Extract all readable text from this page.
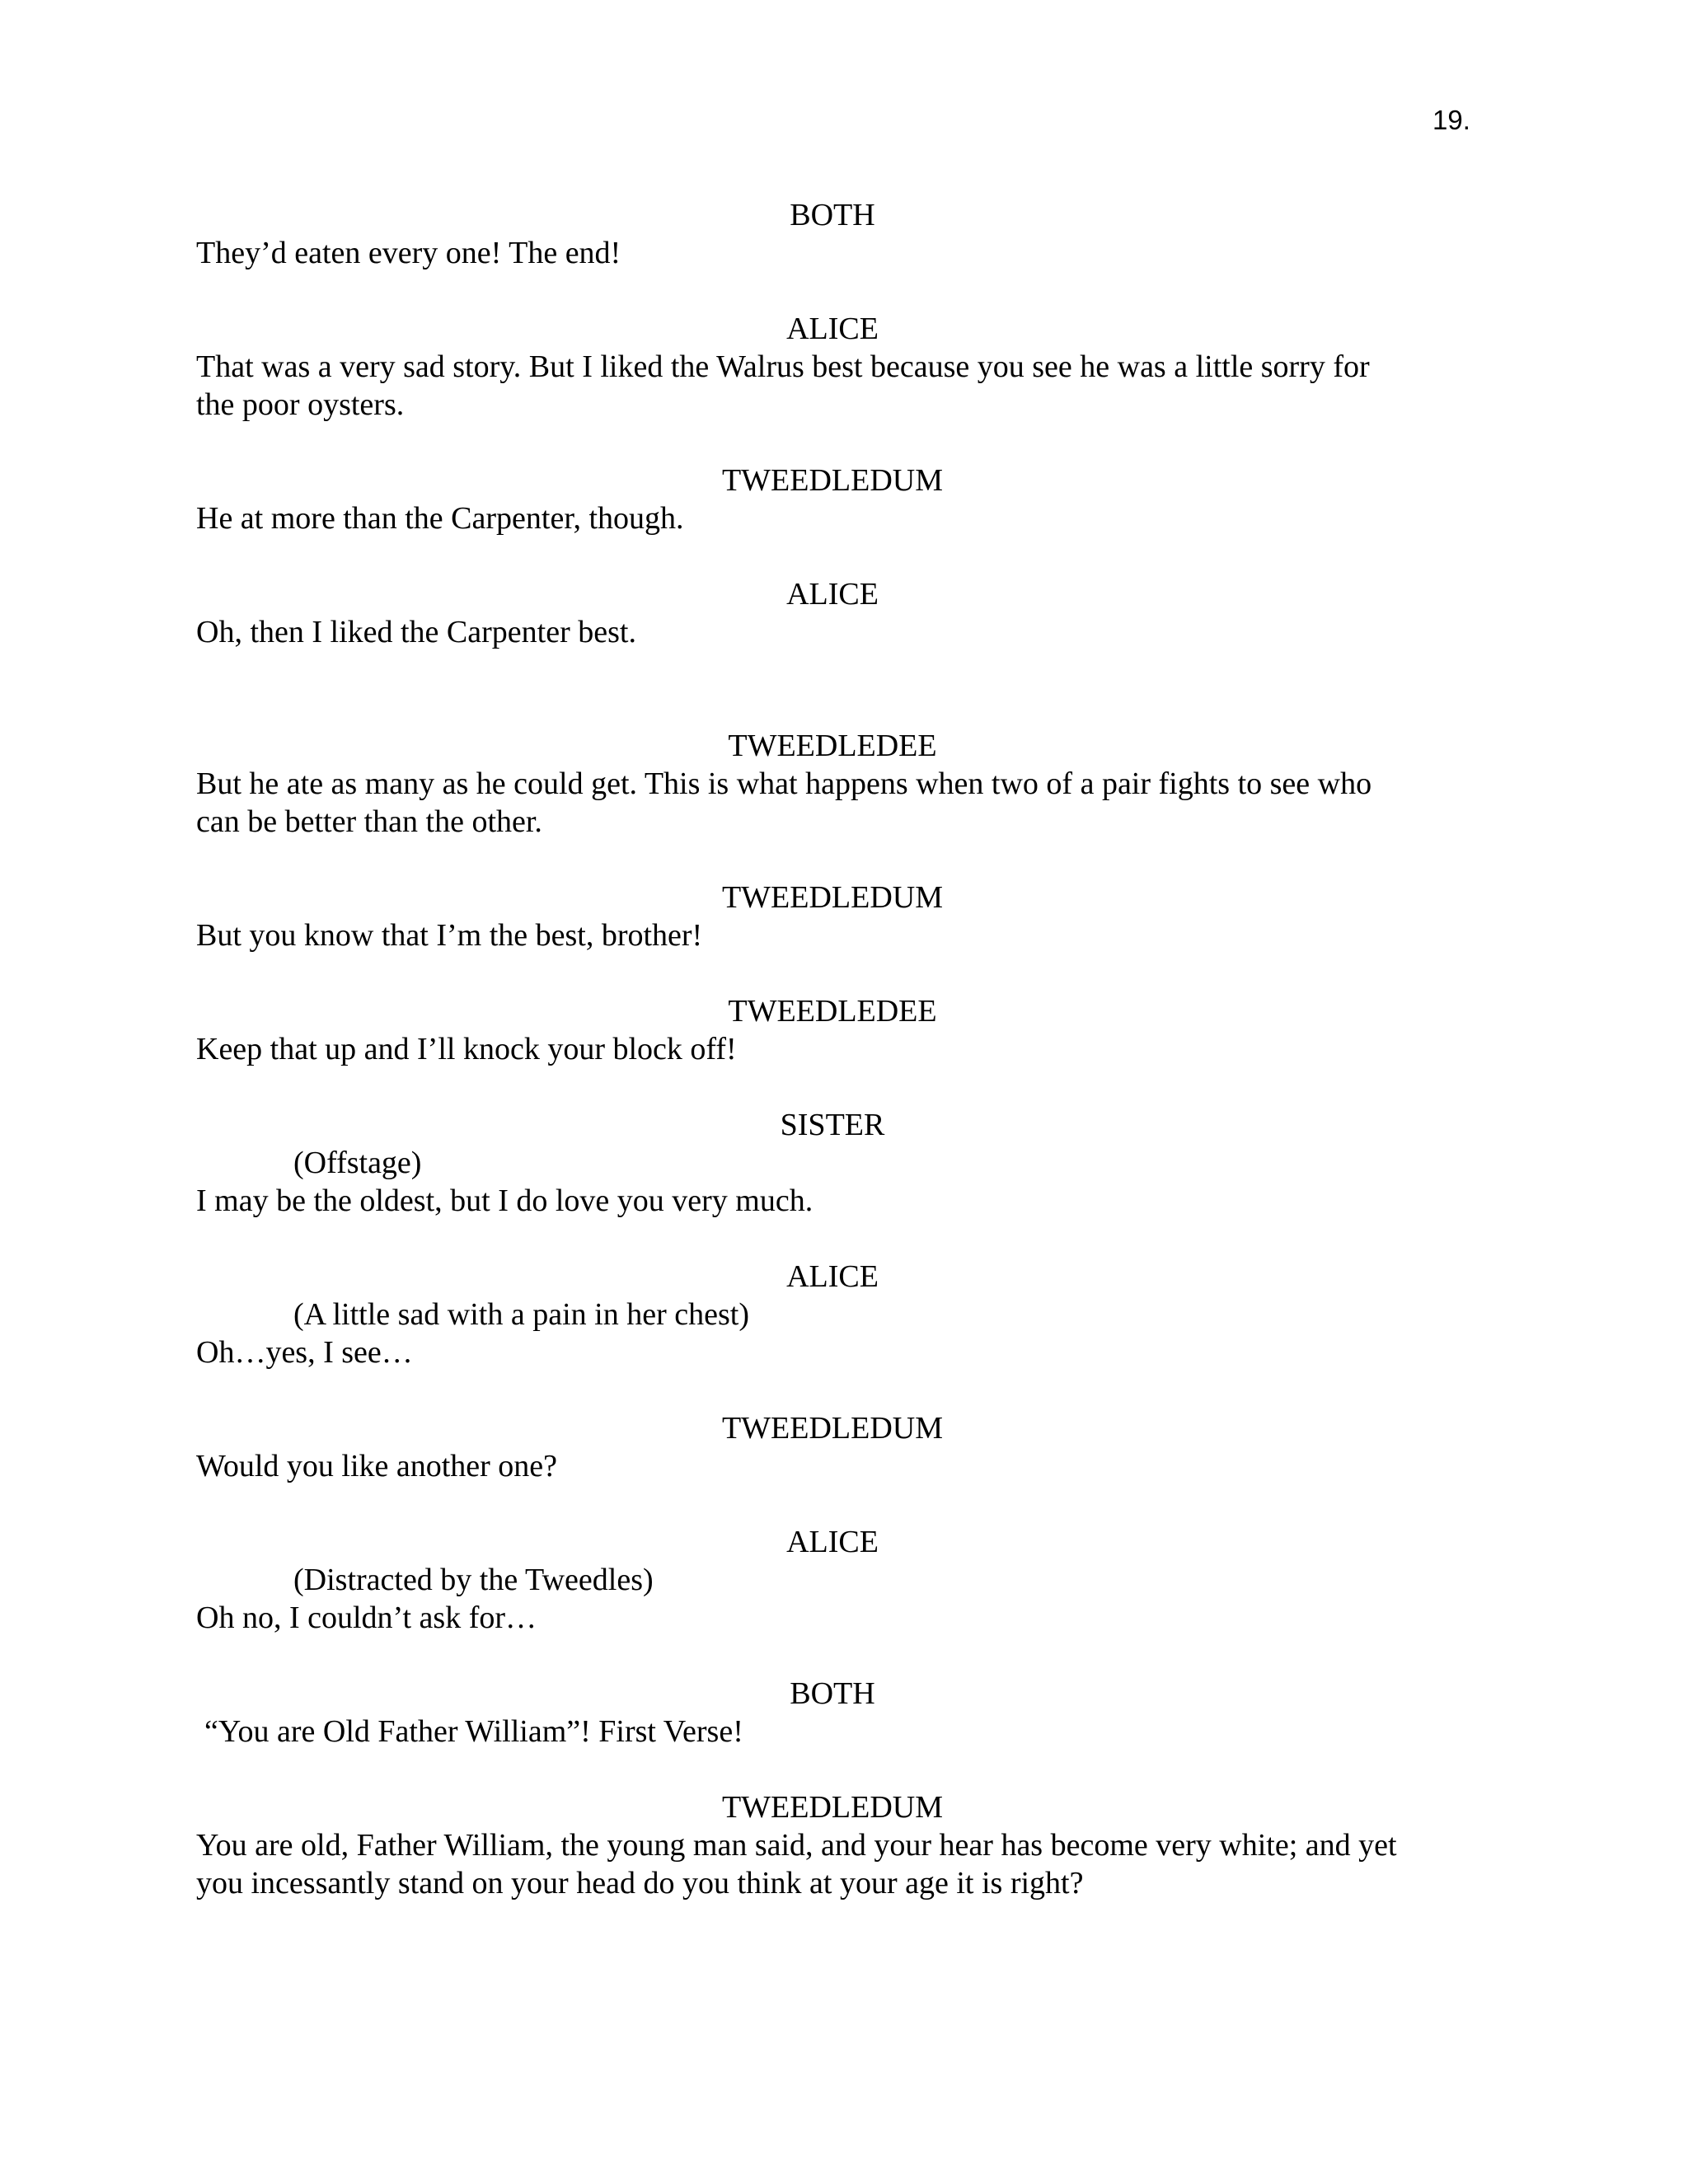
19.
BOTH
They’d eaten every one! The end!
ALICE
That was a very sad story. But I liked the Walrus best because you see he was a little sorry for
the poor oysters.
TWEEDLEDUM
He at more than the Carpenter, though.
ALICE
Oh, then I liked the Carpenter best.
TWEEDLEDEE
But he ate as many as he could get. This is what happens when two of a pair fights to see who
can be better than the other.
TWEEDLEDUM
But you know that I’m the best, brother!
TWEEDLEDEE
Keep that up and I’ll knock your block off!
SISTER
(Offstage)
I may be the oldest, but I do love you very much.
ALICE
(A little sad with a pain in her chest)
Oh…yes, I see…
TWEEDLEDUM
Would you like another one?
ALICE
(Distracted by the Tweedles)
Oh no, I couldn’t ask for…
BOTH
“You are Old Father William”! First Verse!
TWEEDLEDUM
You are old, Father William, the young man said, and your hear has become very white; and yet
you incessantly stand on your head do you think at your age it is right?
